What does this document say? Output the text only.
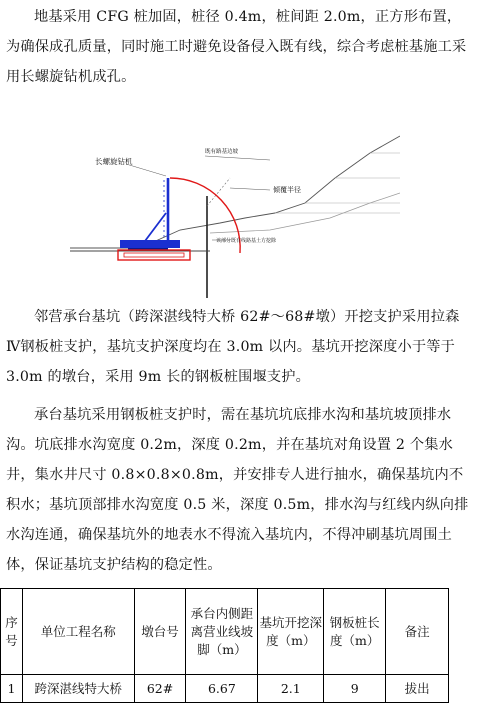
地基采用 CFG 桩加固，桩径 0.4m，桩间距 2.0m，正方形布置，为确保成孔质量，同时施工时避免设备侵入既有线，综合考虑桩基施工采用长螺旋钻机成孔。

长螺旋钻机
既有路基边坡
倾覆半径
该部分既有线路基土方挖除

邻营承台基坑（跨深湛线特大桥 62#～68#墩）开挖支护采用拉森Ⅳ钢板桩支护，基坑支护深度均在 3.0m 以内。基坑开挖深度小于等于 3.0m 的墩台，采用 9m 长的钢板桩围堰支护。

承台基坑采用钢板桩支护时，需在基坑坑底排水沟和基坑坡顶排水沟。坑底排水沟宽度 0.2m，深度 0.2m，并在基坑对角设置 2 个集水井，集水井尺寸 0.8×0.8×0.8m，并安排专人进行抽水，确保基坑内不积水；基坑顶部排水沟宽度 0.5 米，深度 0.5m，排水沟与红线内纵向排水沟连通，确保基坑外的地表水不得流入基坑内，不得冲刷基坑周围土体，保证基坑支护结构的稳定性。

序号	单位工程名称	墩台号	承台内侧距离营业线坡脚（m）	基坑开挖深度（m）	钢板桩长度（m）	备注
1	跨深湛线特大桥	62#	6.67	2.1	9	拔出
